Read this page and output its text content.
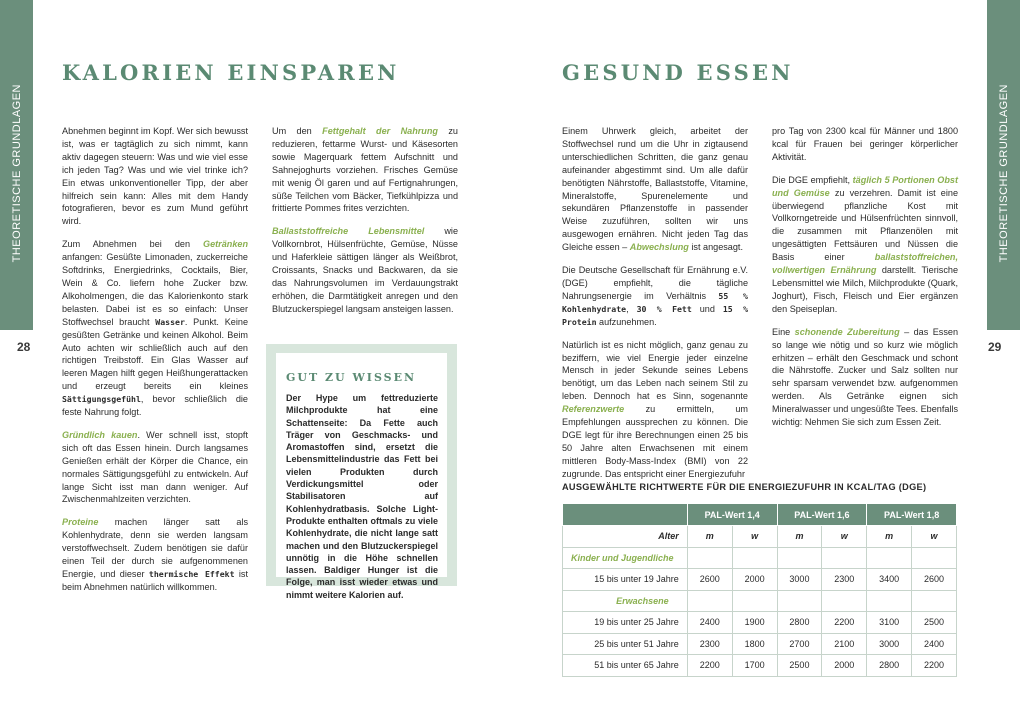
THEORETISCHE GRUNDLAGEN	THEORETISCHE GRUNDLAGEN
28	29
KALORIEN EINSPAREN	GESUND ESSEN

Abnehmen beginnt im Kopf. Wer sich bewusst ist, was er tagtäglich zu sich nimmt, kann aktiv dagegen steuern: Was und wie viel esse ich jeden Tag? Was und wie viel trinke ich? Ein etwas unkonventioneller Tipp, der aber hilfreich sein kann: Alles mit dem Handy fotografieren, bevor es zum Mund geführt wird.

Zum Abnehmen bei den Getränken anfangen: Gesüßte Limonaden, zuckerreiche Softdrinks, Energiedrinks, Cocktails, Bier, Wein & Co. liefern hohe Zucker bzw. Alkoholmengen, die das Kalorienkonto stark belasten. Dabei ist es so einfach: Unser Stoffwechsel braucht Wasser. Punkt. Keine gesüßten Getränke und keinen Alkohol. Beim Auto achten wir schließlich auch auf den richtigen Treibstoff. Ein Glas Wasser auf leeren Magen hilft gegen Heißhungerattacken und erzeugt bereits ein kleines Sättigungsgefühl, bevor schließlich die feste Nahrung folgt.

Gründlich kauen. Wer schnell isst, stopft sich oft das Essen hinein. Durch langsames Genießen erhält der Körper die Chance, ein normales Sättigungsgefühl zu entwickeln. Auf lange Sicht isst man dann weniger. Auf Zwischenmahlzeiten verzichten.

Proteine machen länger satt als Kohlenhydrate, denn sie werden langsam verstoffwechselt. Zudem benötigen sie dafür einen Teil der durch sie aufgenommenen Energie, und dieser thermische Effekt ist beim Abnehmen natürlich willkommen.

Um den Fettgehalt der Nahrung zu reduzieren, fettarme Wurst- und Käsesorten sowie Magerquark fettem Aufschnitt und Sahnejoghurts vorziehen. Frisches Gemüse mit wenig Öl garen und auf Fertignahrungen, süße Teilchen vom Bäcker, Tiefkühlpizza und frittierte Pommes frites verzichten.

Ballaststoffreiche Lebensmittel wie Vollkornbrot, Hülsenfrüchte, Gemüse, Nüsse und Haferkleie sättigen länger als Weißbrot, Croissants, Snacks und Backwaren, da sie das Nahrungsvolumen im Verdauungstrakt erhöhen, die Darmtätigkeit anregen und den Blutzuckerspiegel langsam ansteigen lassen.

GUT ZU WISSEN
Der Hype um fettreduzierte Milchprodukte hat eine Schattenseite: Da Fette auch Träger von Geschmacks- und Aromastoffen sind, ersetzt die Lebensmittelindustrie das Fett bei vielen Produkten durch Verdickungsmittel oder Stabilisatoren auf Kohlenhydratbasis. Solche Light-Produkte enthalten oftmals zu viele Kohlenhydrate, die nicht lange satt machen und den Blutzuckerspiegel unnötig in die Höhe schnellen lassen. Baldiger Hunger ist die Folge, man isst wieder etwas und nimmt weitere Kalorien auf.

Einem Uhrwerk gleich, arbeitet der Stoffwechsel rund um die Uhr in zigtausend unterschiedlichen Schritten, die ganz genau aufeinander abgestimmt sind. Um alle dafür benötigten Nährstoffe, Ballaststoffe, Vitamine, Mineralstoffe, Spurenelemente und sekundären Pflanzenstoffe in passender Weise zuzuführen, sollten wir uns ausgewogen ernähren. Nicht jeden Tag das Gleiche essen – Abwechslung ist angesagt.

Die Deutsche Gesellschaft für Ernährung e.V. (DGE) empfiehlt, die tägliche Nahrungsenergie im Verhältnis 55 % Kohlenhydrate, 30 % Fett und 15 % Protein aufzunehmen.

Natürlich ist es nicht möglich, ganz genau zu beziffern, wie viel Energie jeder einzelne Mensch in jeder Sekunde seines Lebens benötigt, um das Leben nach seinem Stil zu leben. Dennoch hat es Sinn, sogenannte Referenzwerte zu ermitteln, um Empfehlungen aussprechen zu können. Die DGE legt für ihre Berechnungen einen 25 bis 50 Jahre alten Erwachsenen mit einem mittleren Body-Mass-Index (BMI) von 22 zugrunde. Das entspricht einer Energiezufuhr

pro Tag von 2300 kcal für Männer und 1800 kcal für Frauen bei geringer körperlicher Aktivität.

Die DGE empfiehlt, täglich 5 Portionen Obst und Gemüse zu verzehren. Damit ist eine überwiegend pflanzliche Kost mit Vollkorngetreide und Hülsenfrüchten sinnvoll, die zusammen mit Pflanzenölen mit ungesättigten Fettsäuren und Nüssen die Basis einer ballaststoffreichen, vollwertigen Ernährung darstellt. Tierische Lebensmittel wie Milch, Milchprodukte (Quark, Joghurt), Fisch, Fleisch und Eier ergänzen den Speiseplan.

Eine schonende Zubereitung – das Essen so lange wie nötig und so kurz wie möglich erhitzen – erhält den Geschmack und schont die Nährstoffe. Zucker und Salz sollten nur sehr sparsam verwendet bzw. aufgenommen werden. Als Getränke eignen sich Mineralwasser und ungesüßte Tees. Ebenfalls wichtig: Nehmen Sie sich zum Essen Zeit.

AUSGEWÄHLTE RICHTWERTE FÜR DIE ENERGIEZUFUHR IN KCAL/TAG (DGE)
	PAL-Wert 1,4		PAL-Wert 1,6		PAL-Wert 1,8	
Alter	m	w	m	w	m	w
Kinder und Jugendliche						
15 bis unter 19 Jahre	2600	2000	3000	2300	3400	2600
Erwachsene						
19 bis unter 25 Jahre	2400	1900	2800	2200	3100	2500
25 bis unter 51 Jahre	2300	1800	2700	2100	3000	2400
51 bis unter 65 Jahre	2200	1700	2500	2000	2800	2200
